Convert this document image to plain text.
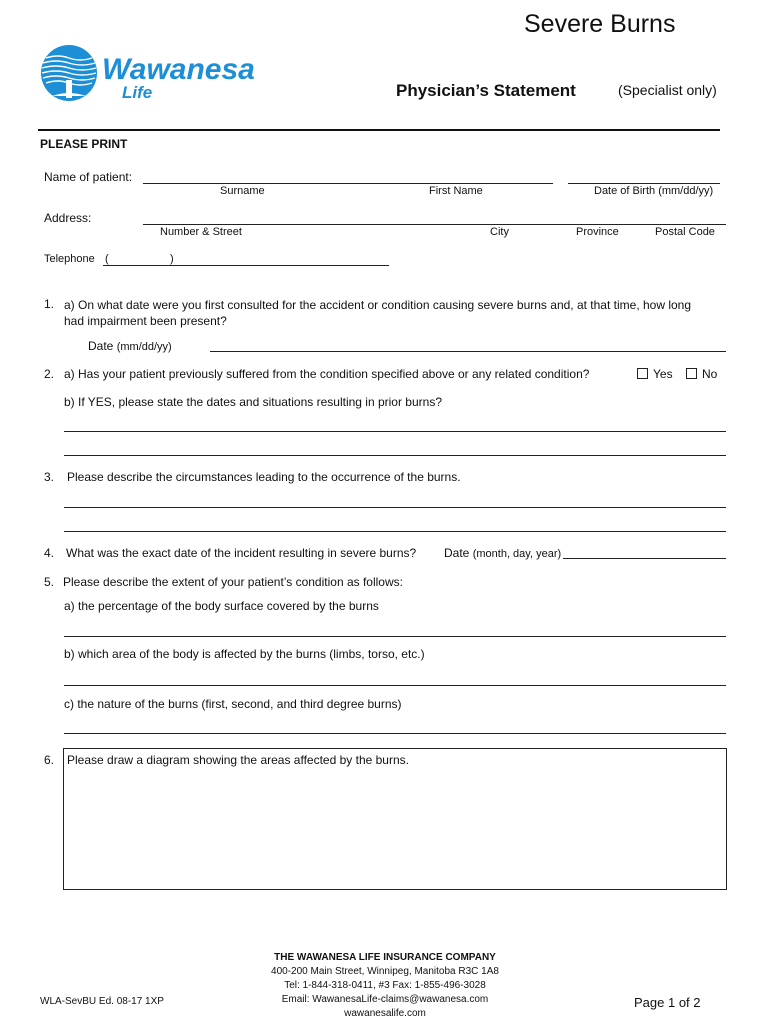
Severe Burns
Wawanesa
Life	Physician’s Statement	(Specialist only)
PLEASE PRINT
Name of patient:
Surname	First Name	Date of Birth (mm/dd/yy)
Address:
Number & Street	City	Province	Postal Code
Telephone (	)
1. a) On what date were you first consulted for the accident or condition causing severe burns and, at that time, how long had impairment been present?
Date (mm/dd/yy)
2. a) Has your patient previously suffered from the condition specified above or any related condition?	Yes	No
b) If YES, please state the dates and situations resulting in prior burns?
3. Please describe the circumstances leading to the occurrence of the burns.
4. What was the exact date of the incident resulting in severe burns? Date (month, day, year)
5. Please describe the extent of your patient’s condition as follows:
a) the percentage of the body surface covered by the burns
b) which area of the body is affected by the burns (limbs, torso, etc.)
c) the nature of the burns (first, second, and third degree burns)
6. Please draw a diagram showing the areas affected by the burns.
THE WAWANESA LIFE INSURANCE COMPANY
400-200 Main Street, Winnipeg, Manitoba R3C 1A8
Tel: 1-844-318-0411, #3 Fax: 1-855-496-3028
Email: WawanesaLife-claims@wawanesa.com
wawanesalife.com
WLA-SevBU Ed. 08-17 1XP	Page 1 of 2
